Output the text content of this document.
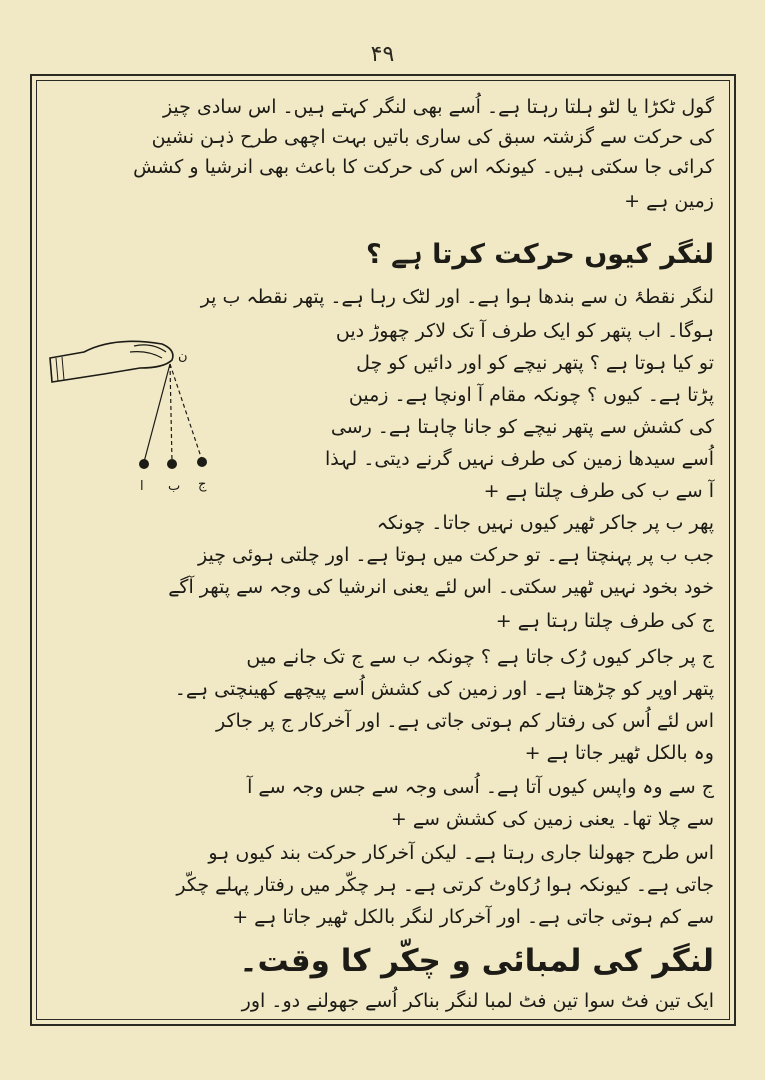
۴۹
گول ٹکڑا یا لٹو ہلتا رہتا ہے۔ اُسے بھی لنگر کہتے ہیں۔ اس سادی چیز
کی حرکت سے گزشتہ سبق کی ساری باتیں بہت اچھی طرح ذہن نشین
کرائی جا سکتی ہیں۔ کیونکہ اس کی حرکت کا باعث بھی انرشیا و کشش
زمین ہے +
لنگر کیوں حرکت کرتا ہے ؟
لنگر نقطۂ ن سے بندھا ہوا ہے۔ اور لٹک رہا ہے۔ پتھر نقطہ ب پر
ہوگا۔ اب پتھر کو ایک طرف آ تک لاکر چھوڑ دیں
تو کیا ہوتا ہے ؟ پتھر نیچے کو اور دائیں کو چل
پڑتا ہے۔ کیوں ؟ چونکہ مقام آ اونچا ہے۔ زمین
کی کشش سے پتھر نیچے کو جانا چاہتا ہے۔ رسی
اُسے سیدھا زمین کی طرف نہیں گرنے دیتی۔ لہذا
آ سے ب کی طرف چلتا ہے +
پھر ب پر جاکر ٹھیر کیوں نہیں جاتا۔ چونکہ
جب ب پر پہنچتا ہے۔ تو حرکت میں ہوتا ہے۔ اور چلتی ہوئی چیز
خود بخود نہیں ٹھیر سکتی۔ اس لئے یعنی انرشیا کی وجہ سے پتھر آگے
ج کی طرف چلتا رہتا ہے +
ج پر جاکر کیوں رُک جاتا ہے ؟ چونکہ ب سے ج تک جانے میں
پتھر اوپر کو چڑھتا ہے۔ اور زمین کی کشش اُسے پیچھے کھینچتی ہے۔
اس لئے اُس کی رفتار کم ہوتی جاتی ہے۔ اور آخرکار ج پر جاکر
وہ بالکل ٹھیر جاتا ہے +
ج سے وہ واپس کیوں آتا ہے۔ اُسی وجہ سے جس وجہ سے آ
سے چلا تھا۔ یعنی زمین کی کشش سے +
اس طرح جھولنا جاری رہتا ہے۔ لیکن آخرکار حرکت بند کیوں ہو
جاتی ہے۔ کیونکہ ہوا رُکاوٹ کرتی ہے۔ ہر چکّر میں رفتار پہلے چکّر
سے کم ہوتی جاتی ہے۔ اور آخرکار لنگر بالکل ٹھیر جاتا ہے +
لنگر کی لمبائی و چکّر کا وقت۔
ایک تین فٹ سوا تین فٹ لمبا لنگر بناکر اُسے جھولنے دو۔ اور
ن
ا ب ج
